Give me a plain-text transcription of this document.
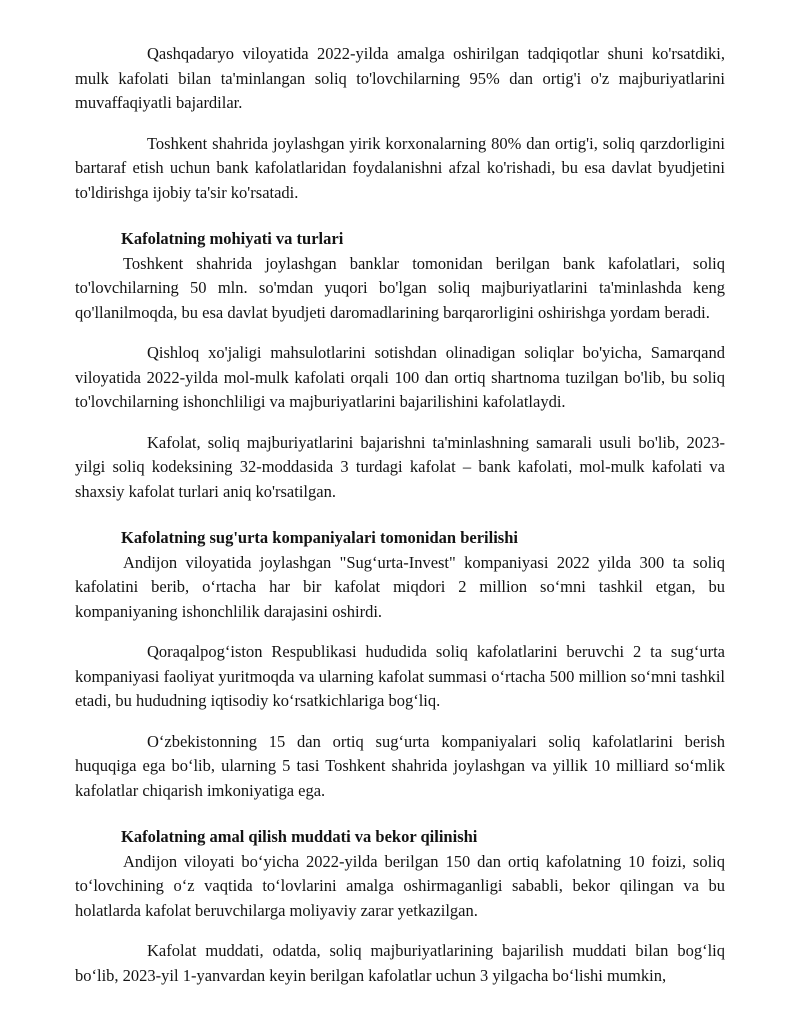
Qashqadaryo viloyatida 2022-yilda amalga oshirilgan tadqiqotlar shuni ko'rsatdiki, mulk kafolati bilan ta'minlangan soliq to'lovchilarning 95% dan ortig'i o'z majburiyatlarini muvaffaqiyatli bajardilar.

Toshkent shahrida joylashgan yirik korxonalarning 80% dan ortig'i, soliq qarzdorligini bartaraf etish uchun bank kafolatlaridan foydalanishni afzal ko'rishadi, bu esa davlat byudjetini to'ldirishga ijobiy ta'sir ko'rsatadi.

Kafolatning mohiyati va turlari

Toshkent shahrida joylashgan banklar tomonidan berilgan bank kafolatlari, soliq to'lovchilarning 50 mln. so'mdan yuqori bo'lgan soliq majburiyatlarini ta'minlashda keng qo'llanilmoqda, bu esa davlat byudjeti daromadlarining barqarorligini oshirishga yordam beradi.

Qishloq xo'jaligi mahsulotlarini sotishdan olinadigan soliqlar bo'yicha, Samarqand viloyatida 2022-yilda mol-mulk kafolati orqali 100 dan ortiq shartnoma tuzilgan bo'lib, bu soliq to'lovchilarning ishonchliligi va majburiyatlarini bajarilishini kafolatlaydi.

Kafolat, soliq majburiyatlarini bajarishni ta'minlashning samarali usuli bo'lib, 2023-yilgi soliq kodeksining 32-moddasida 3 turdagi kafolat – bank kafolati, mol-mulk kafolati va shaxsiy kafolat turlari aniq ko'rsatilgan.

Kafolatning sug'urta kompaniyalari tomonidan berilishi

Andijon viloyatida joylashgan "Sug‘urta-Invest" kompaniyasi 2022 yilda 300 ta soliq kafolatini berib, o‘rtacha har bir kafolat miqdori 2 million so‘mni tashkil etgan, bu kompaniyaning ishonchlilik darajasini oshirdi.

Qoraqalpog‘iston Respublikasi hududida soliq kafolatlarini beruvchi 2 ta sug‘urta kompaniyasi faoliyat yuritmoqda va ularning kafolat summasi o‘rtacha 500 million so‘mni tashkil etadi, bu hududning iqtisodiy ko‘rsatkichlariga bog‘liq.

O‘zbekistonning 15 dan ortiq sug‘urta kompaniyalari soliq kafolatlarini berish huquqiga ega bo‘lib, ularning 5 tasi Toshkent shahrida joylashgan va yillik 10 milliard so‘mlik kafolatlar chiqarish imkoniyatiga ega.

Kafolatning amal qilish muddati va bekor qilinishi

Andijon viloyati bo‘yicha 2022-yilda berilgan 150 dan ortiq kafolatning 10 foizi, soliq to‘lovchining o‘z vaqtida to‘lovlarini amalga oshirmaganligi sababli, bekor qilingan va bu holatlarda kafolat beruvchilarga moliyaviy zarar yetkazilgan.

Kafolat muddati, odatda, soliq majburiyatlarining bajarilish muddati bilan bog‘liq bo‘lib, 2023-yil 1-yanvardan keyin berilgan kafolatlar uchun 3 yilgacha bo‘lishi mumkin,
